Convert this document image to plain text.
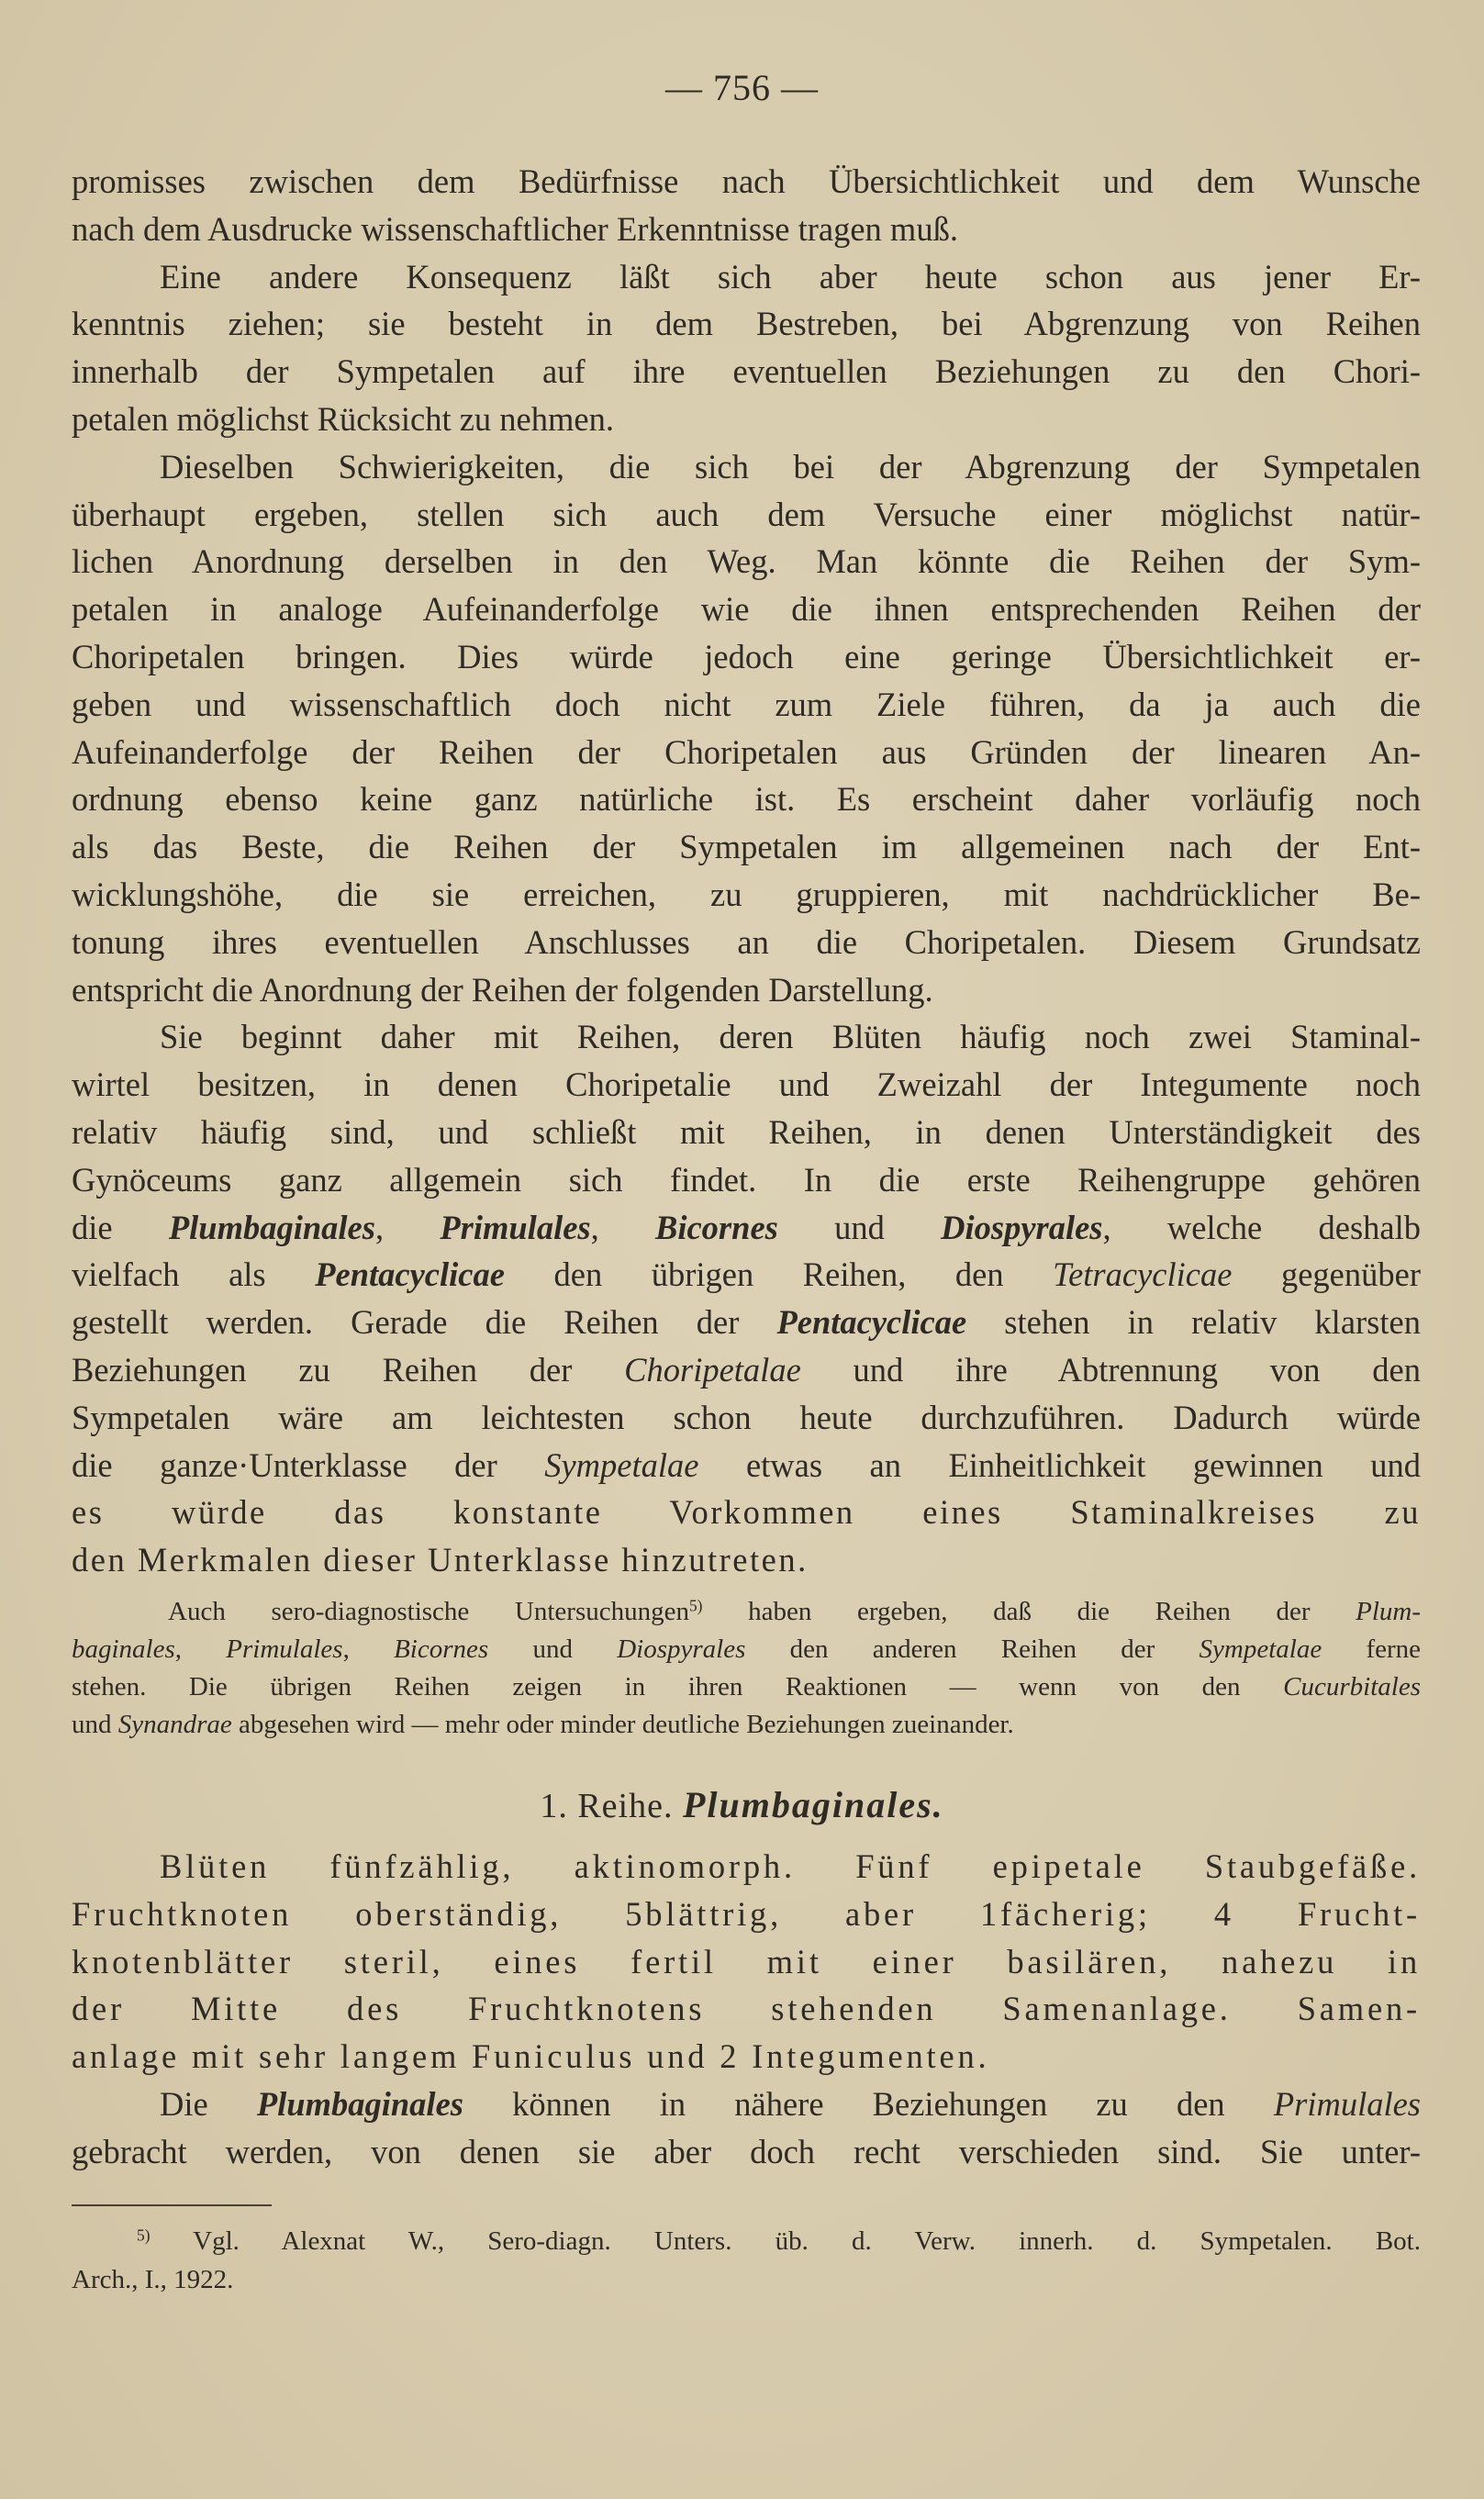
— 756 —
promisses zwischen dem Bedürfnisse nach Übersichtlichkeit und dem Wunsche
nach dem Ausdrucke wissenschaftlicher Erkenntnisse tragen muß.
Eine andere Konsequenz läßt sich aber heute schon aus jener Er-
kenntnis ziehen; sie besteht in dem Bestreben, bei Abgrenzung von Reihen
innerhalb der Sympetalen auf ihre eventuellen Beziehungen zu den Chori-
petalen möglichst Rücksicht zu nehmen.
Dieselben Schwierigkeiten, die sich bei der Abgrenzung der Sympetalen
überhaupt ergeben, stellen sich auch dem Versuche einer möglichst natür-
lichen Anordnung derselben in den Weg. Man könnte die Reihen der Sym-
petalen in analoge Aufeinanderfolge wie die ihnen entsprechenden Reihen der
Choripetalen bringen. Dies würde jedoch eine geringe Übersichtlichkeit er-
geben und wissenschaftlich doch nicht zum Ziele führen, da ja auch die
Aufeinanderfolge der Reihen der Choripetalen aus Gründen der linearen An-
ordnung ebenso keine ganz natürliche ist. Es erscheint daher vorläufig noch
als das Beste, die Reihen der Sympetalen im allgemeinen nach der Ent-
wicklungshöhe, die sie erreichen, zu gruppieren, mit nachdrücklicher Be-
tonung ihres eventuellen Anschlusses an die Choripetalen. Diesem Grundsatz
entspricht die Anordnung der Reihen der folgenden Darstellung.
Sie beginnt daher mit Reihen, deren Blüten häufig noch zwei Staminal-
wirtel besitzen, in denen Choripetalie und Zweizahl der Integumente noch
relativ häufig sind, und schließt mit Reihen, in denen Unterständigkeit des
Gynöceums ganz allgemein sich findet. In die erste Reihengruppe gehören
die Plumbaginales, Primulales, Bicornes und Diospyrales, welche deshalb
vielfach als Pentacyclicae den übrigen Reihen, den Tetracyclicae gegenüber
gestellt werden. Gerade die Reihen der Pentacyclicae stehen in relativ klarsten
Beziehungen zu Reihen der Choripetalae und ihre Abtrennung von den
Sympetalen wäre am leichtesten schon heute durchzuführen. Dadurch würde
die ganze·Unterklasse der Sympetalae etwas an Einheitlichkeit gewinnen und
es würde das konstante Vorkommen eines Staminalkreises zu
den Merkmalen dieser Unterklasse hinzutreten.
Auch sero-diagnostische Untersuchungen$^{5)}$ haben ergeben, daß die Reihen der Plum-
baginales, Primulales, Bicornes und Diospyrales den anderen Reihen der Sympetalae ferne
stehen. Die übrigen Reihen zeigen in ihren Reaktionen — wenn von den Cucurbitales
und Synandrae abgesehen wird — mehr oder minder deutliche Beziehungen zueinander.
1. Reihe. Plumbaginales.
Blüten fünfzählig, aktinomorph. Fünf epipetale Staubgefäße.
Fruchtknoten oberständig, 5blättrig, aber 1fächerig; 4 Frucht-
knotenblätter steril, eines fertil mit einer basilären, nahezu in
der Mitte des Fruchtknotens stehenden Samenanlage. Samen-
anlage mit sehr langem Funiculus und 2 Integumenten.
Die Plumbaginales können in nähere Beziehungen zu den Primulales
gebracht werden, von denen sie aber doch recht verschieden sind. Sie unter-
$^{5)}$ Vgl. Alexnat W., Sero-diagn. Unters. üb. d. Verw. innerh. d. Sympetalen. Bot.
Arch., I., 1922.
